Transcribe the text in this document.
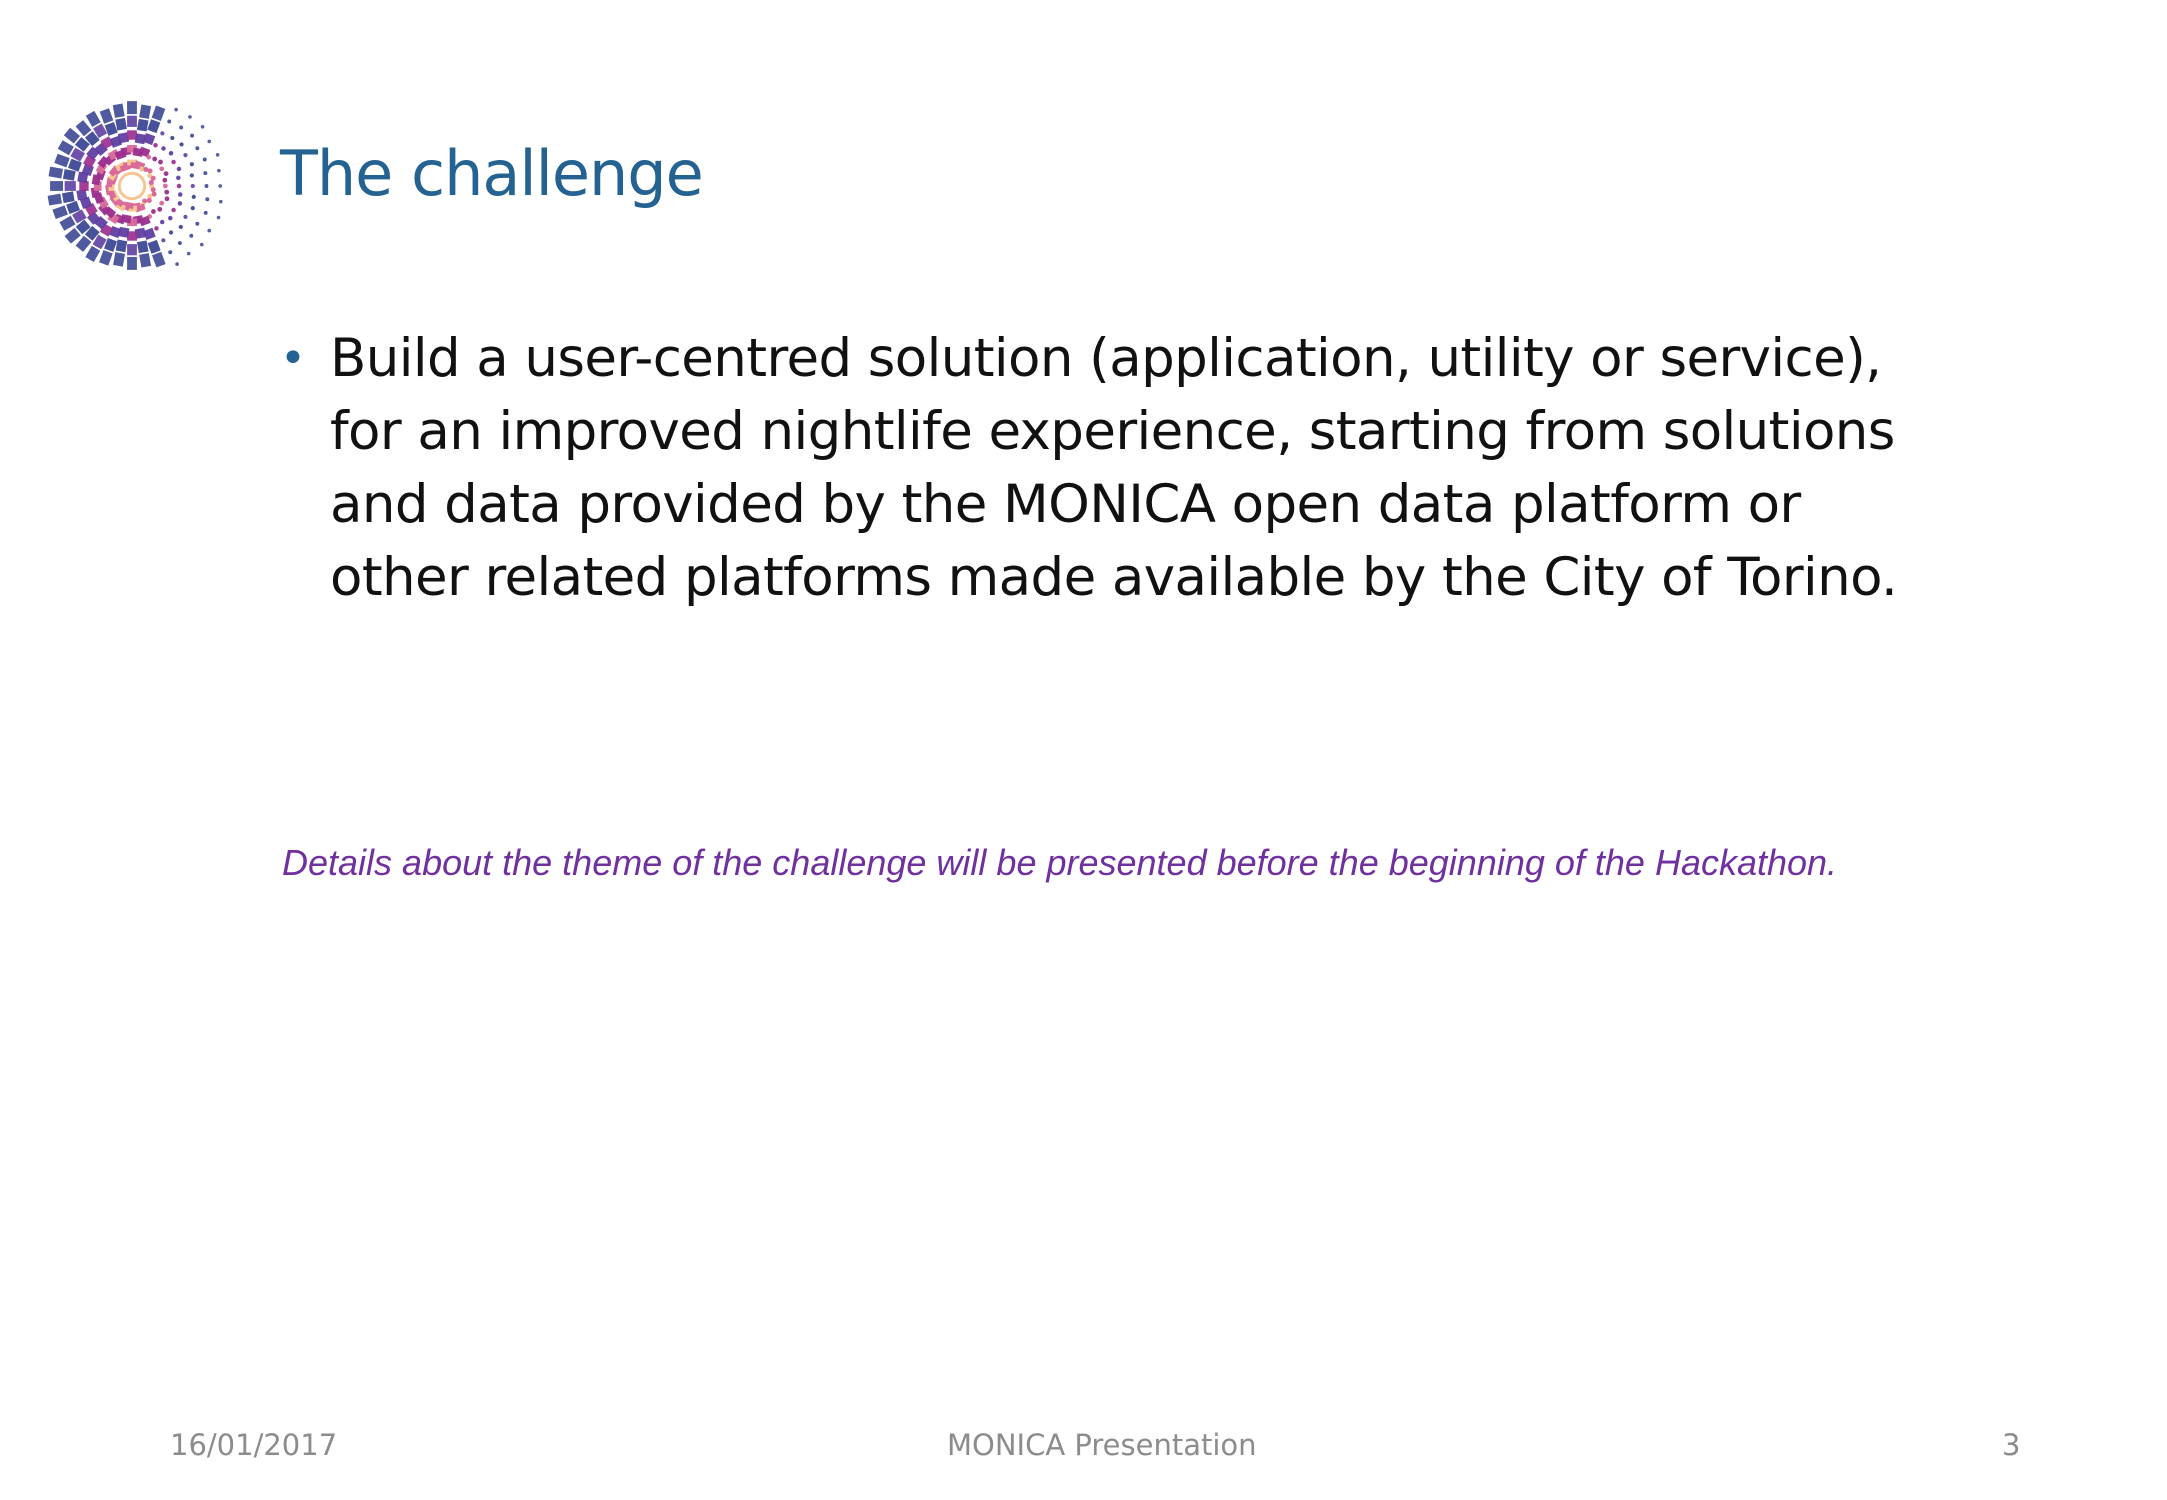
The challenge
• Build a user-centred solution (application, utility or service),
for an improved nightlife experience, starting from solutions
and data provided by the MONICA open data platform or
other related platforms made available by the City of Torino.
Details about the theme of the challenge will be presented before the beginning of the Hackathon.
16/01/2017	MONICA Presentation	3
